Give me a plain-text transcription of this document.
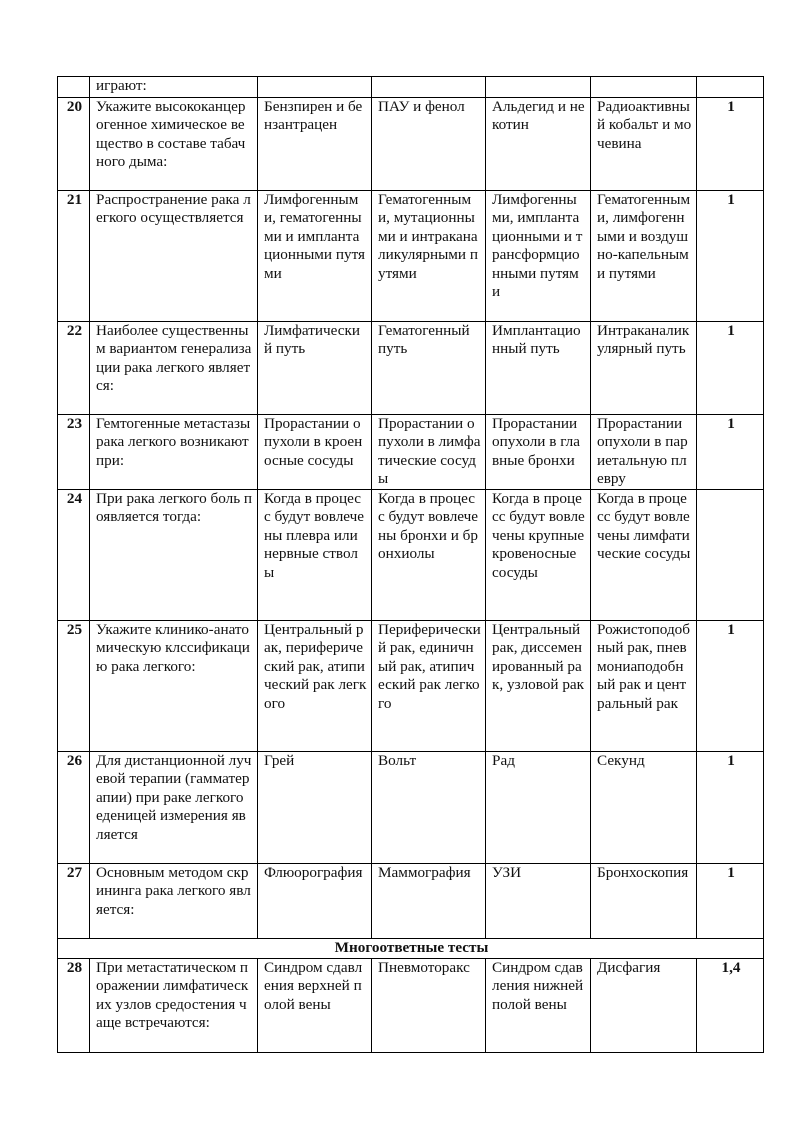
	играют:					
20	Укажите высококанцерогенное химическое вещество в составе табачного дыма:	Бензпирен и бензантрацен	ПАУ и фенол	Альдегид и некотин	Радиоактивный кобальт и мочевина	1
21	Распространение рака легкого осуществляется	Лимфогенными, гематогенными и имплантационными путями	Гематогенными, мутационными и интраканаликулярными путями	Лимфогенными, имплантационными и трансформционными путями	Гематогенными, лимфогенными и воздушно-капельными путями	1
22	Наиболее существенным вариантом генерализации рака легкого является:	Лимфатический путь	Гематогенный путь	Имплантационный путь	Интраканаликулярный путь	1
23	Гемтогенные метастазы рака легкого возникают при:	Прорастании опухоли в кроеносные сосуды	Прорастании опухоли в лимфатические сосуды	Прорастании опухоли в главные бронхи	Прорастании опухоли в париетальную плевру	1
24	При рака легкого боль появляется тогда:	Когда в процесс будут вовлечены плевра или нервные стволы	Когда в процесс будут вовлечены бронхи и бронхиолы	Когда в процесс будут вовлечены крупные кровеносные сосуды	Когда в процесс будут вовлечены лимфатические сосуды	
25	Укажите клинико-анатомическую клссификацию рака легкого:	Центральный рак, периферический рак, атипический рак легкого	Периферический рак, единичный рак, атипический рак легкого	Центральный рак, диссеменированный рак, узловой рак	Рожистоподобный рак, пневмониаподобный рак и центральный рак	1
26	Для дистанционной лучевой терапии (гамматерапии) при раке легкого еденицей измерения является	Грей	Вольт	Рад	Секунд	1
27	Основным методом скрининга рака легкого является:	Флюорография	Маммография	УЗИ	Бронхоскопия	1
Многоответные тесты						
28	При метастатическом поражении лимфатических узлов средостения чаще встречаются:	Синдром сдавления верхней полой вены	Пневмоторакс	Синдром сдавления нижней полой вены	Дисфагия	1,4
